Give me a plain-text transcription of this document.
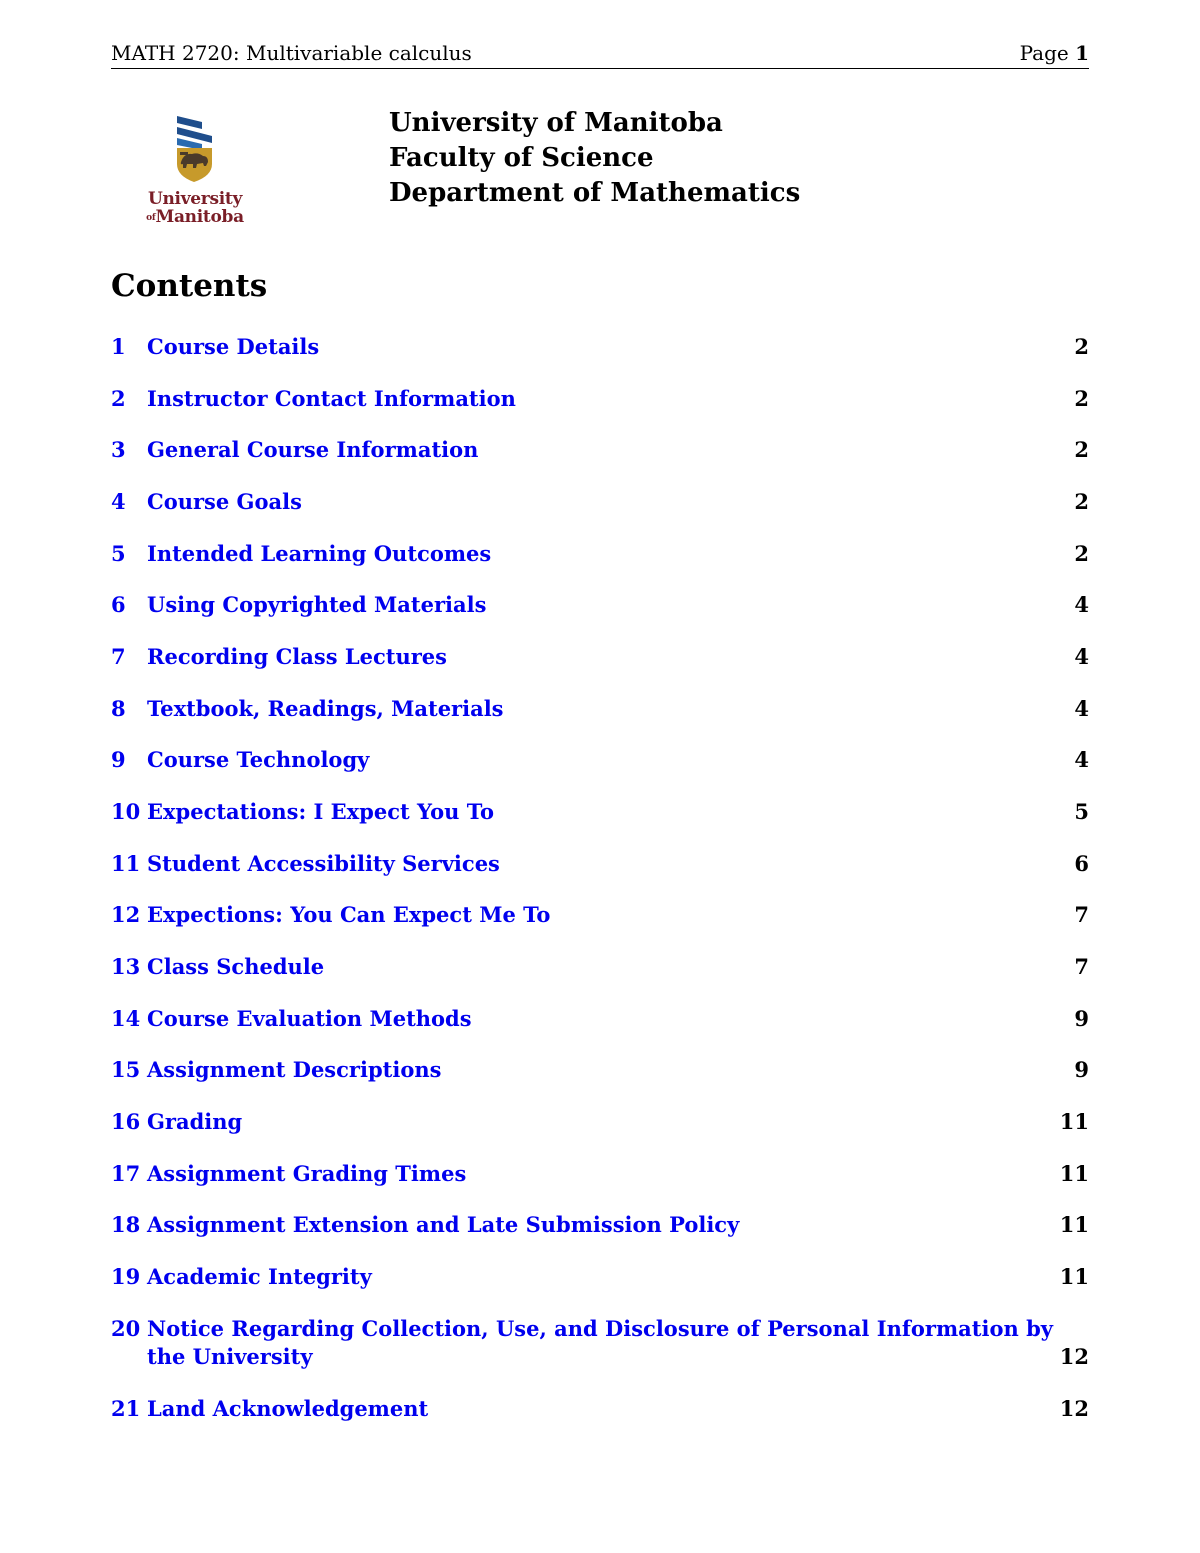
MATH 2720: Multivariable calculus	Page 1
University
ofManitoba
University of Manitoba
Faculty of Science
Department of Mathematics
Contents
1 Course Details	2
2 Instructor Contact Information	2
3 General Course Information	2
4 Course Goals	2
5 Intended Learning Outcomes	2
6 Using Copyrighted Materials	4
7 Recording Class Lectures	4
8 Textbook, Readings, Materials	4
9 Course Technology	4
10 Expectations: I Expect You To	5
11 Student Accessibility Services	6
12 Expections: You Can Expect Me To	7
13 Class Schedule	7
14 Course Evaluation Methods	9
15 Assignment Descriptions	9
16 Grading	11
17 Assignment Grading Times	11
18 Assignment Extension and Late Submission Policy	11
19 Academic Integrity	11
20 Notice Regarding Collection, Use, and Disclosure of Personal Information by the University	12
21 Land Acknowledgement	12
